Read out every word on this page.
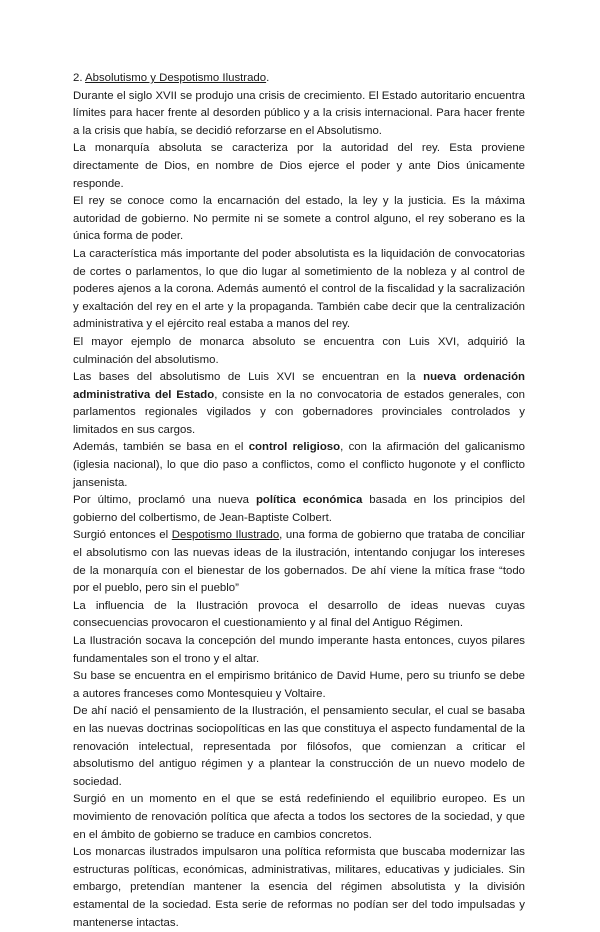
2. Absolutismo y Despotismo Ilustrado.

Durante el siglo XVII se produjo una crisis de crecimiento. El Estado autoritario encuentra límites para hacer frente al desorden público y a la crisis internacional. Para hacer frente a la crisis que había, se decidió reforzarse en el Absolutismo.

La monarquía absoluta se caracteriza por la autoridad del rey. Esta proviene directamente de Dios, en nombre de Dios ejerce el poder y ante Dios únicamente responde.

El rey se conoce como la encarnación del estado, la ley y la justicia. Es la máxima autoridad de gobierno. No permite ni se somete a control alguno, el rey soberano es la única forma de poder.

La característica más importante del poder absolutista es la liquidación de convocatorias de cortes o parlamentos, lo que dio lugar al sometimiento de la nobleza y al control de poderes ajenos a la corona. Además aumentó el control de la fiscalidad y la sacralización y exaltación del rey en el arte y la propaganda. También cabe decir que la centralización administrativa y el ejército real estaba a manos del rey.

El mayor ejemplo de monarca absoluto se encuentra con Luis XVI, adquirió la culminación del absolutismo.

Las bases del absolutismo de Luis XVI se encuentran en la nueva ordenación administrativa del Estado, consiste en la no convocatoria de estados generales, con parlamentos regionales vigilados y con gobernadores provinciales controlados y limitados en sus cargos.

Además, también se basa en el control religioso, con la afirmación del galicanismo (iglesia nacional), lo que dio paso a conflictos, como el conflicto hugonote y el conflicto jansenista.

Por último, proclamó una nueva política económica basada en los principios del gobierno del colbertismo, de Jean-Baptiste Colbert.

Surgió entonces el Despotismo Ilustrado, una forma de gobierno que trataba de conciliar el absolutismo con las nuevas ideas de la ilustración, intentando conjugar los intereses de la monarquía con el bienestar de los gobernados. De ahí viene la mítica frase “todo por el pueblo, pero sin el pueblo”

La influencia de la Ilustración provoca el desarrollo de ideas nuevas cuyas consecuencias provocaron el cuestionamiento y al final del Antiguo Régimen.

La Ilustración socava la concepción del mundo imperante hasta entonces, cuyos pilares fundamentales son el trono y el altar.

Su base se encuentra en el empirismo británico de David Hume, pero su triunfo se debe a autores franceses como Montesquieu y Voltaire.

De ahí nació el pensamiento de la Ilustración, el pensamiento secular, el cual se basaba en las nuevas doctrinas sociopolíticas en las que constituya el aspecto fundamental de la renovación intelectual, representada por filósofos, que comienzan a criticar el absolutismo del antiguo régimen y a plantear la construcción de un nuevo modelo de sociedad.

Surgió en un momento en el que se está redefiniendo el equilibrio europeo. Es un movimiento de renovación política que afecta a todos los sectores de la sociedad, y que en el ámbito de gobierno se traduce en cambios concretos.

Los monarcas ilustrados impulsaron una política reformista que buscaba modernizar las estructuras políticas, económicas, administrativas, militares, educativas y judiciales. Sin embargo, pretendían mantener la esencia del régimen absolutista y la división estamental de la sociedad. Esta serie de reformas no podían ser del todo impulsadas y mantenerse intactas.
